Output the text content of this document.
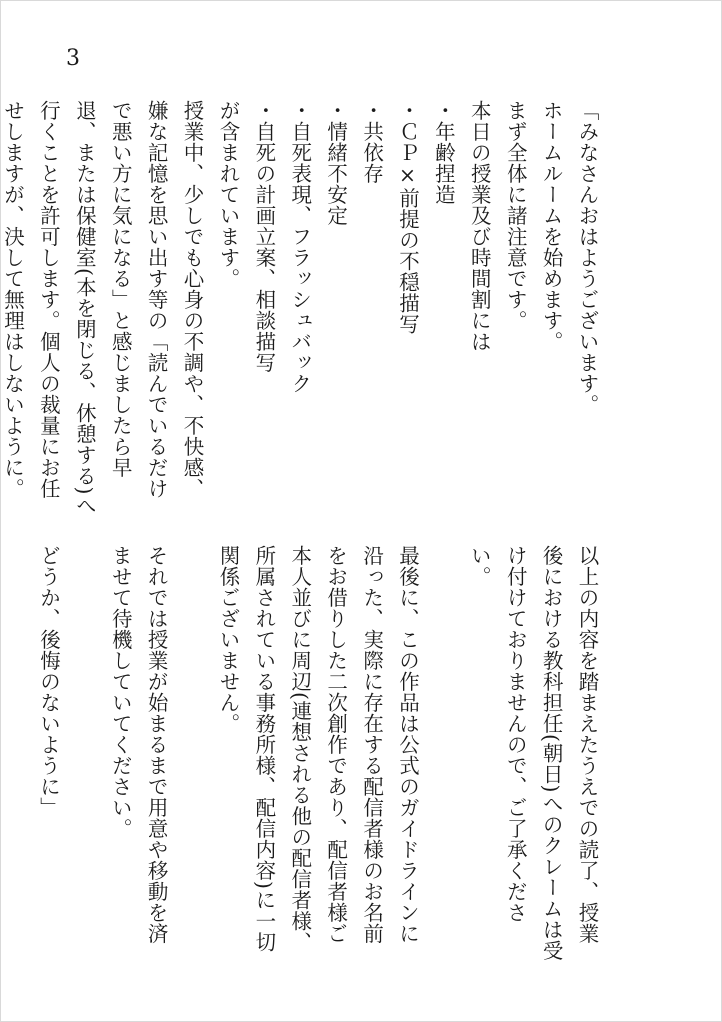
3
「みなさんおはようございます。
ホームルームを始めます。
まず全体に諸注意です。
本日の授業及び時間割には
・年齢捏造
・ＣＰ×前提の不穏描写
・共依存
・情緒不安定
・自死表現、フラッシュバック
・自死の計画立案、相談描写
が含まれています。
授業中、少しでも心身の不調や、不快感、
嫌な記憶を思い出す等の「読んでいるだけ
で悪い方に気になる」と感じましたら早
退、または保健室(本を閉じる、休憩する)へ
行くことを許可します。個人の裁量にお任
せしますが、決して無理はしないように。
以上の内容を踏まえたうえでの読了、授業
後における教科担任(朝日)へのクレームは受
け付けておりませんので、ご了承くださ
い。
最後に、この作品は公式のガイドラインに
沿った、実際に存在する配信者様のお名前
をお借りした二次創作であり、配信者様ご
本人並びに周辺(連想される他の配信者様、
所属されている事務所様、配信内容)に一切
関係ございません。
それでは授業が始まるまで用意や移動を済
ませて待機していてください。
どうか、後悔のないように」
